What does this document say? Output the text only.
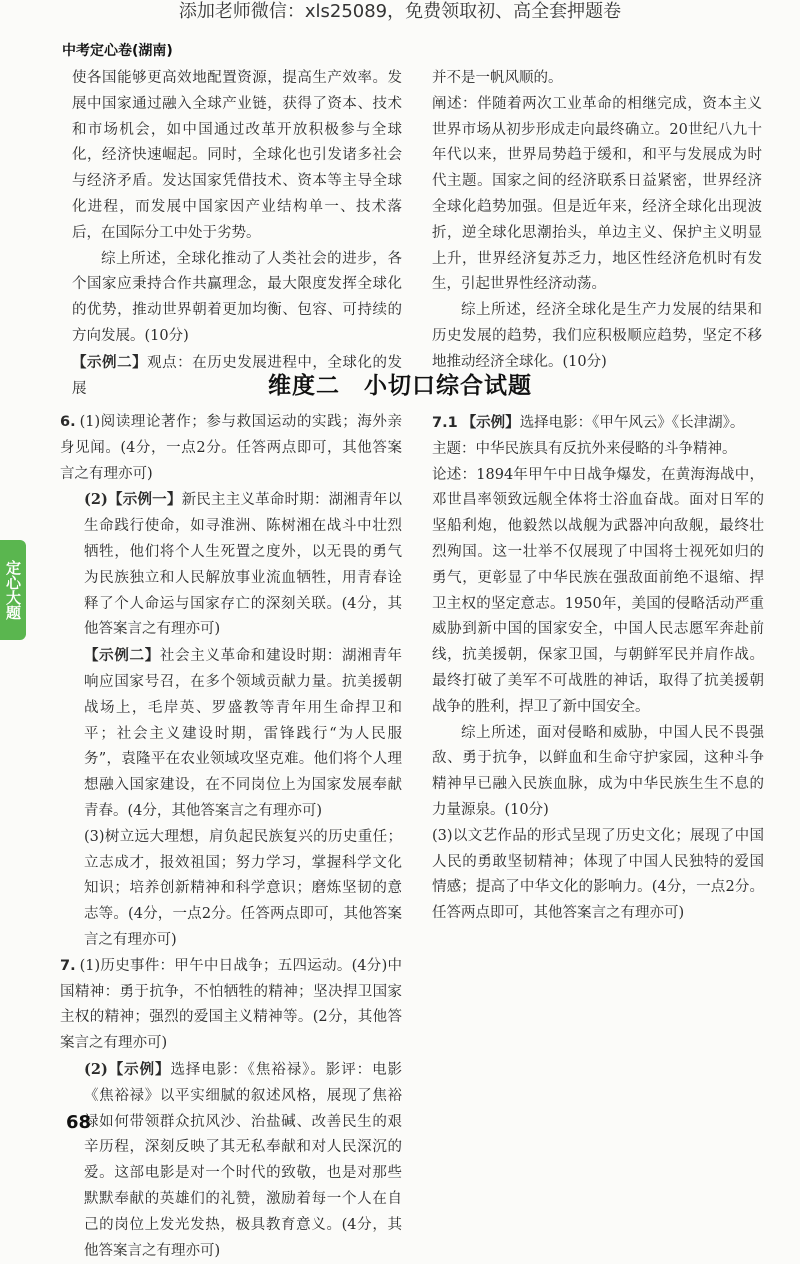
添加老师微信：xls25089，免费领取初、高全套押题卷
中考定心卷(湖南)

使各国能够更高效地配置资源，提高生产效率。发展中国家通过融入全球产业链，获得了资本、技术和市场机会，如中国通过改革开放积极参与全球化，经济快速崛起。同时，全球化也引发诸多社会与经济矛盾。发达国家凭借技术、资本等主导全球化进程，而发展中国家因产业结构单一、技术落后，在国际分工中处于劣势。

综上所述，全球化推动了人类社会的进步，各个国家应秉持合作共赢理念，最大限度发挥全球化的优势，推动世界朝着更加均衡、包容、可持续的方向发展。(10分)

【示例二】观点：在历史发展进程中，全球化的发展

并不是一帆风顺的。

阐述：伴随着两次工业革命的相继完成，资本主义世界市场从初步形成走向最终确立。20世纪八九十年代以来，世界局势趋于缓和，和平与发展成为时代主题。国家之间的经济联系日益紧密，世界经济全球化趋势加强。但是近年来，经济全球化出现波折，逆全球化思潮抬头，单边主义、保护主义明显上升，世界经济复苏乏力，地区性经济危机时有发生，引起世界性经济动荡。

综上所述，经济全球化是生产力发展的结果和历史发展的趋势，我们应积极顺应趋势，坚定不移地推动经济全球化。(10分)

维度二　小切口综合试题

6. (1)阅读理论著作；参与救国运动的实践；海外亲身见闻。(4分，一点2分。任答两点即可，其他答案言之有理亦可)

(2)【示例一】新民主主义革命时期：湖湘青年以生命践行使命，如寻淮洲、陈树湘在战斗中壮烈牺牲，他们将个人生死置之度外，以无畏的勇气为民族独立和人民解放事业流血牺牲，用青春诠释了个人命运与国家存亡的深刻关联。(4分，其他答案言之有理亦可)

【示例二】社会主义革命和建设时期：湖湘青年响应国家号召，在多个领域贡献力量。抗美援朝战场上，毛岸英、罗盛教等青年用生命捍卫和平；社会主义建设时期，雷锋践行“为人民服务”，袁隆平在农业领域攻坚克难。他们将个人理想融入国家建设，在不同岗位上为国家发展奉献青春。(4分，其他答案言之有理亦可)

(3)树立远大理想，肩负起民族复兴的历史重任；立志成才，报效祖国；努力学习，掌握科学文化知识；培养创新精神和科学意识；磨炼坚韧的意志等。(4分，一点2分。任答两点即可，其他答案言之有理亦可)

7. (1)历史事件：甲午中日战争；五四运动。(4分)中国精神：勇于抗争，不怕牺牲的精神；坚决捍卫国家主权的精神；强烈的爱国主义精神等。(2分，其他答案言之有理亦可)

(2)【示例】选择电影：《焦裕禄》。影评：电影《焦裕禄》以平实细腻的叙述风格，展现了焦裕禄如何带领群众抗风沙、治盐碱、改善民生的艰辛历程，深刻反映了其无私奉献和对人民深沉的爱。这部电影是对一个时代的致敬，也是对那些默默奉献的英雄们的礼赞，激励着每一个人在自己的岗位上发光发热，极具教育意义。(4分，其他答案言之有理亦可)

7.1 【示例】选择电影：《甲午风云》《长津湖》。

主题：中华民族具有反抗外来侵略的斗争精神。

论述：1894年甲午中日战争爆发，在黄海海战中，邓世昌率领致远舰全体将士浴血奋战。面对日军的坚船利炮，他毅然以战舰为武器冲向敌舰，最终壮烈殉国。这一壮举不仅展现了中国将士视死如归的勇气，更彰显了中华民族在强敌面前绝不退缩、捍卫主权的坚定意志。1950年，美国的侵略活动严重威胁到新中国的国家安全，中国人民志愿军奔赴前线，抗美援朝，保家卫国，与朝鲜军民并肩作战。最终打破了美军不可战胜的神话，取得了抗美援朝战争的胜利，捍卫了新中国安全。

综上所述，面对侵略和威胁，中国人民不畏强敌、勇于抗争，以鲜血和生命守护家园，这种斗争精神早已融入民族血脉，成为中华民族生生不息的力量源泉。(10分)

(3)以文艺作品的形式呈现了历史文化；展现了中国人民的勇敢坚韧精神；体现了中国人民独特的爱国情感；提高了中华文化的影响力。(4分，一点2分。任答两点即可，其他答案言之有理亦可)

定心大题
68
